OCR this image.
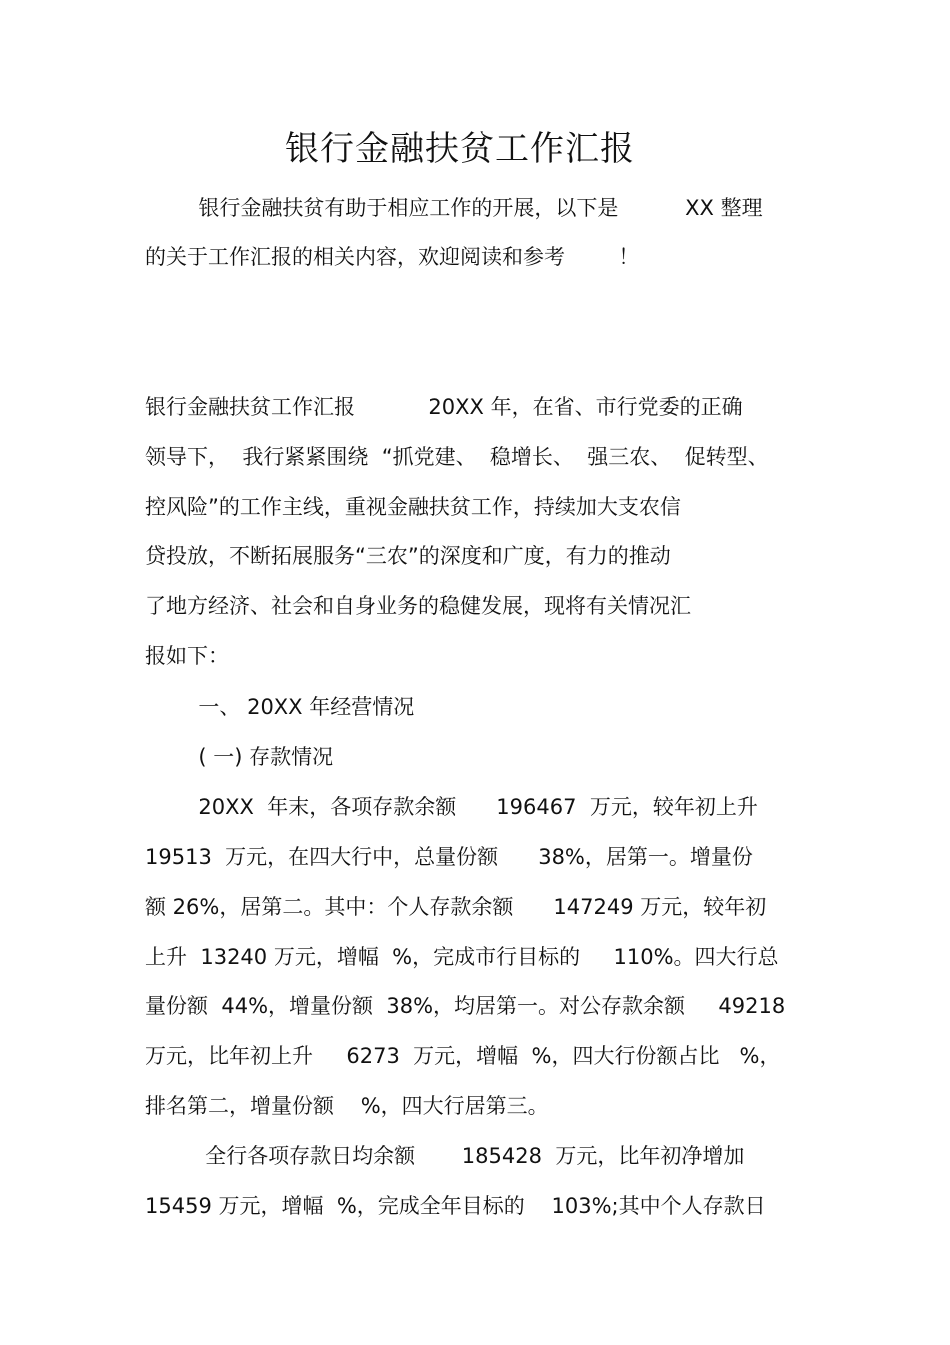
银行金融扶贫工作汇报
银行金融扶贫有助于相应工作的开展，以下是          XX 整理
的关于工作汇报的相关内容，欢迎阅读和参考        ！
银行金融扶贫工作汇报           20XX 年，在省、市行党委的正确
领导下，  我行紧紧围绕  “抓党建、  稳增长、  强三农、  促转型、
控风险”的工作主线，重视金融扶贫工作，持续加大支农信
贷投放，不断拓展服务“三农”的深度和广度，有力的推动
了地方经济、社会和自身业务的稳健发展，现将有关情况汇
报如下：
一、 20XX 年经营情况
( 一) 存款情况
20XX  年末，各项存款余额      196467  万元，较年初上升
19513  万元，在四大行中，总量份额      38%，居第一。增量份
额 26%，居第二。其中：个人存款余额      147249 万元，较年初
上升  13240 万元，增幅  %，完成市行目标的     110%。四大行总
量份额  44%，增量份额  38%，均居第一。对公存款余额     49218
万元，比年初上升     6273  万元，增幅  %，四大行份额占比   %，
排名第二，增量份额    %，四大行居第三。
全行各项存款日均余额       185428  万元，比年初净增加
15459 万元，增幅  %，完成全年目标的    103%;其中个人存款日
